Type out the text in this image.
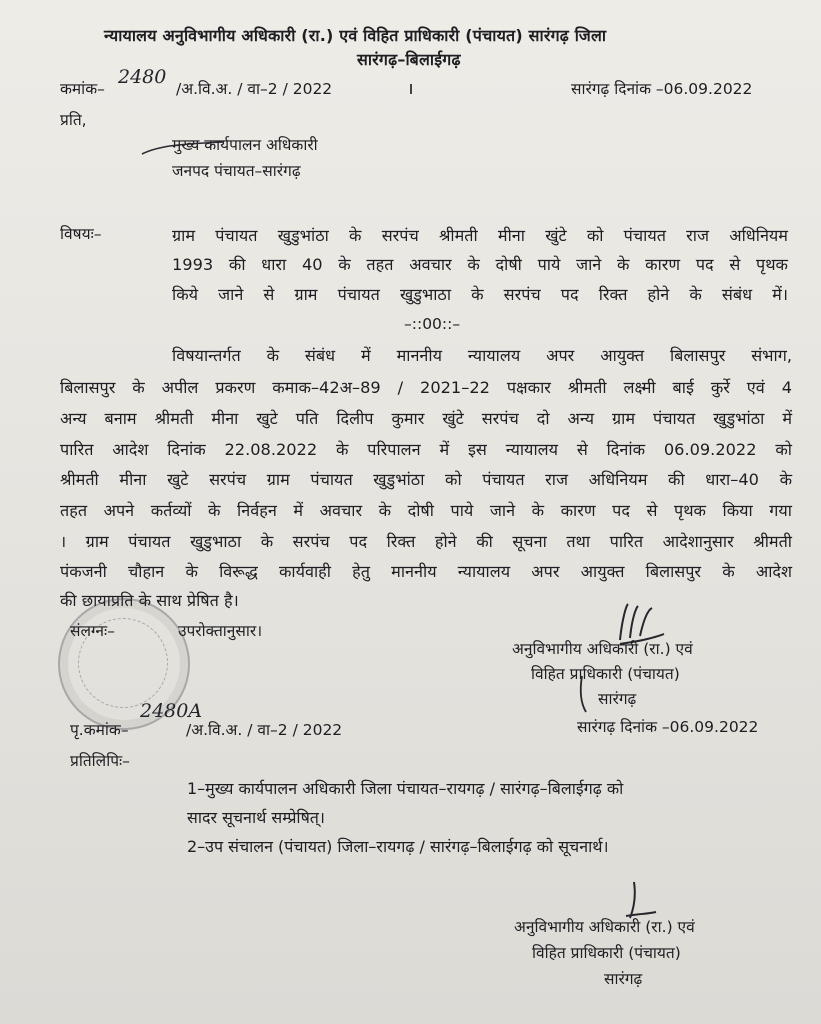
न्यायालय अनुविभागीय अधिकारी (रा.) एवं विहित प्राधिकारी (पंचायत) सारंगढ़ जिला
सारंगढ़–बिलाईगढ़
कमांक–
2480
/अ.वि.अ. / वा–2 / 2022	सारंगढ़ दिनांक –06.09.2022
प्रति,
मुख्य कार्यपालन अधिकारी
जनपद पंचायत–सारंगढ़
विषयः–	ग्राम पंचायत खुडुभांठा के सरपंच श्रीमती मीना खुंटे को पंचायत राज अधिनियम
1993 की धारा 40 के तहत अवचार के दोषी पाये जाने के कारण पद से पृथक
किये जाने से ग्राम पंचायत खुडुभाठा के सरपंच पद रिक्त होने के संबंध में।
–::00::–
विषयान्तर्गत के संबंध में माननीय न्यायालय अपर आयुक्त बिलासपुर संभाग,
बिलासपुर के अपील प्रकरण कमाक–42अ–89 / 2021–22 पक्षकार श्रीमती लक्ष्मी बाई कुर्रे एवं 4
अन्य बनाम श्रीमती मीना खुटे पति दिलीप कुमार खुंटे सरपंच दो अन्य ग्राम पंचायत खुडुभांठा में
पारित आदेश दिनांक 22.08.2022 के परिपालन में इस न्यायालय से दिनांक 06.09.2022 को
श्रीमती मीना खुटे सरपंच ग्राम पंचायत खुडुभांठा को पंचायत राज अधिनियम की धारा–40 के
तहत अपने कर्तव्यों के निर्वहन में अवचार के दोषी पाये जाने के कारण पद से पृथक किया गया
। ग्राम पंचायत खुडुभाठा के सरपंच पद रिक्त होने की सूचना तथा पारित आदेशानुसार श्रीमती
पंकजनी चौहान के विरूद्ध कार्यवाही हेतु माननीय न्यायालय अपर आयुक्त बिलासपुर के आदेश
की छायाप्रति के साथ प्रेषित है।
संलग्नः–	उपरोक्तानुसार।
अनुविभागीय अधिकारी (रा.) एवं
विहित प्राधिकारी (पंचायत)
सारंगढ़
पृ.कमांक–
2480A
/अ.वि.अ. / वा–2 / 2022	सारंगढ़ दिनांक –06.09.2022
प्रतिलिपिः–
1–मुख्य कार्यपालन अधिकारी जिला पंचायत–रायगढ़ / सारंगढ़–बिलाईगढ़ को
सादर सूचनार्थ सम्प्रेषित्।
2–उप संचालन (पंचायत) जिला–रायगढ़ / सारंगढ़–बिलाईगढ़ को सूचनार्थ।
अनुविभागीय अधिकारी (रा.) एवं
विहित प्राधिकारी (पंचायत)
सारंगढ़
